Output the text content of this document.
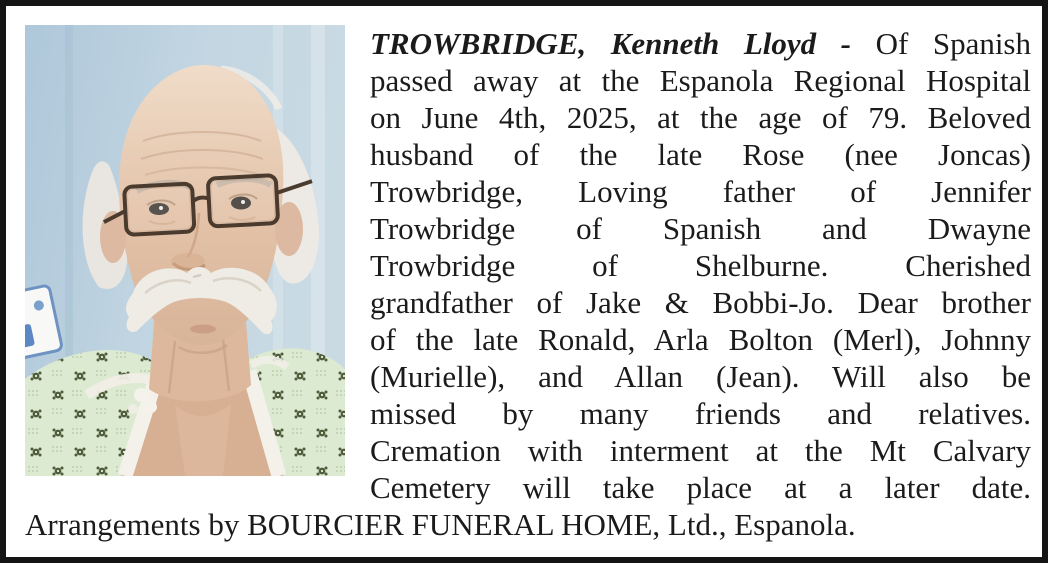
TROWBRIDGE, Kenneth Lloyd - Of Spanish
passed away at the Espanola Regional Hospital
on June 4th, 2025, at the age of 79. Beloved
husband of the late Rose (nee Joncas)
Trowbridge, Loving father of Jennifer
Trowbridge of Spanish and Dwayne
Trowbridge of Shelburne. Cherished
grandfather of Jake & Bobbi-Jo. Dear brother
of the late Ronald, Arla Bolton (Merl), Johnny
(Murielle), and Allan (Jean). Will also be
missed by many friends and relatives.
Cremation with interment at the Mt Calvary
Cemetery will take place at a later date.
Arrangements by BOURCIER FUNERAL HOME, Ltd., Espanola.
